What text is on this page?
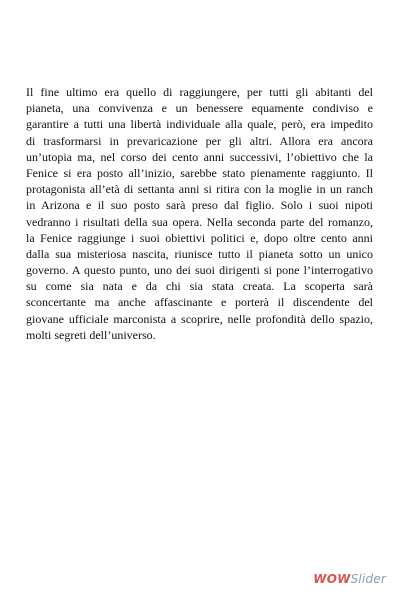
Il fine ultimo era quello di raggiungere, per tutti gli abitanti del
pianeta, una convivenza e un benessere equamente condiviso e
garantire a tutti una libertà individuale alla quale, però, era impedito
di trasformarsi in prevaricazione per gli altri. Allora era ancora
un’utopia ma, nel corso dei cento anni successivi, l’obiettivo che la
Fenice si era posto all’inizio, sarebbe stato pienamente raggiunto. Il
protagonista all’età di settanta anni si ritira con la moglie in un ranch
in Arizona e il suo posto sarà preso dal figlio. Solo i suoi nipoti
vedranno i risultati della sua opera. Nella seconda parte del romanzo,
la Fenice raggiunge i suoi obiettivi politici e, dopo oltre cento anni
dalla sua misteriosa nascita, riunisce tutto il pianeta sotto un unico
governo. A questo punto, uno dei suoi dirigenti si pone l’interrogativo
su come sia nata e da chi sia stata creata. La scoperta sarà
sconcertante ma anche affascinante e porterà il discendente del
giovane ufficiale marconista a scoprire, nelle profondità dello spazio,
molti segreti dell’universo.
WOW Slider
